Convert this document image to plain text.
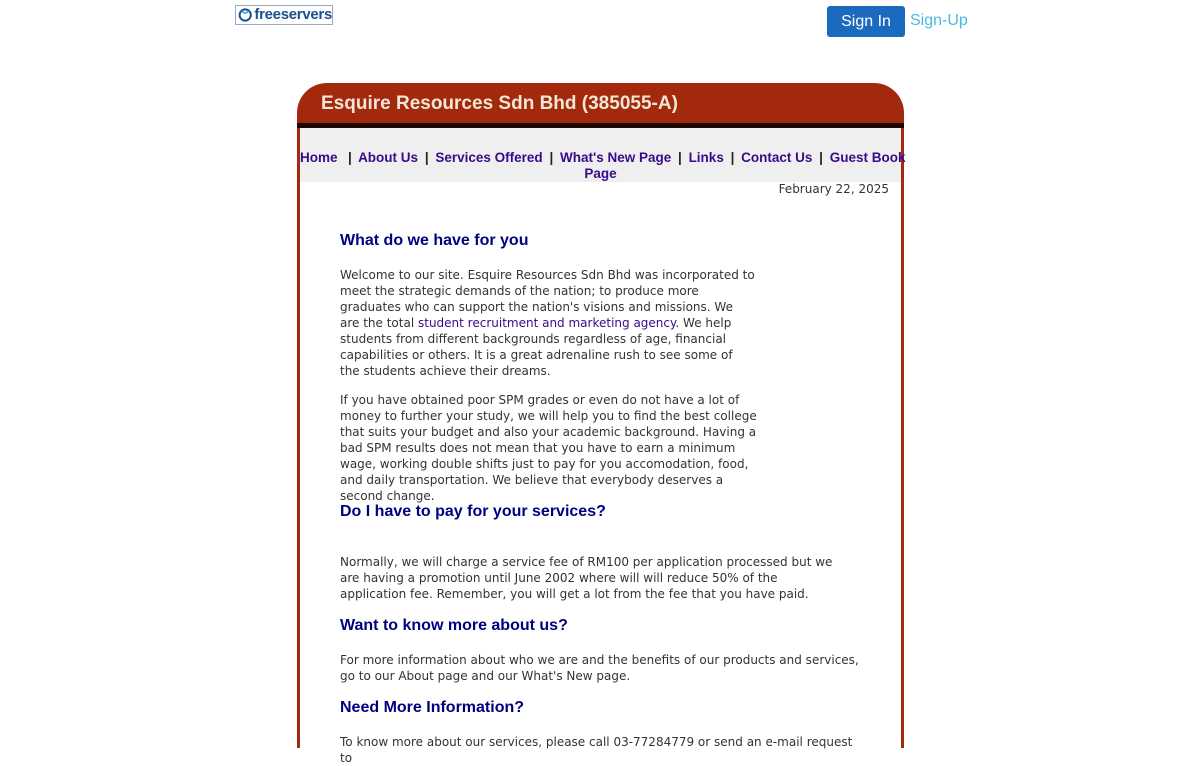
freeservers	Sign In	Sign-Up
Esquire Resources Sdn Bhd (385055-A)
Home  | About Us | Services Offered | What's New Page | Links | Contact Us | Guest Book
Page
February 22, 2025
What do we have for you

Welcome to our site. Esquire Resources Sdn Bhd was incorporated to meet the strategic demands of the nation; to produce more graduates who can support the nation's visions and missions. We are the total student recruitment and marketing agency. We help students from different backgrounds regardless of age, financial capabilities or others. It is a great adrenaline rush to see some of the students achieve their dreams.

If you have obtained poor SPM grades or even do not have a lot of money to further your study, we will help you to find the best college that suits your budget and also your academic background. Having a bad SPM results does not mean that you have to earn a minimum wage, working double shifts just to pay for you accomodation, food, and daily transportation. We believe that everybody deserves a second change.

Do I have to pay for your services?

Normally, we will charge a service fee of RM100 per application processed but we are having a promotion until June 2002 where will will reduce 50% of the application fee. Remember, you will get a lot from the fee that you have paid.

Want to know more about us?

For more information about who we are and the benefits of our products and services, go to our About page and our What's New page.

Need More Information?

To know more about our services, please call 03-77284779 or send an e-mail request to
